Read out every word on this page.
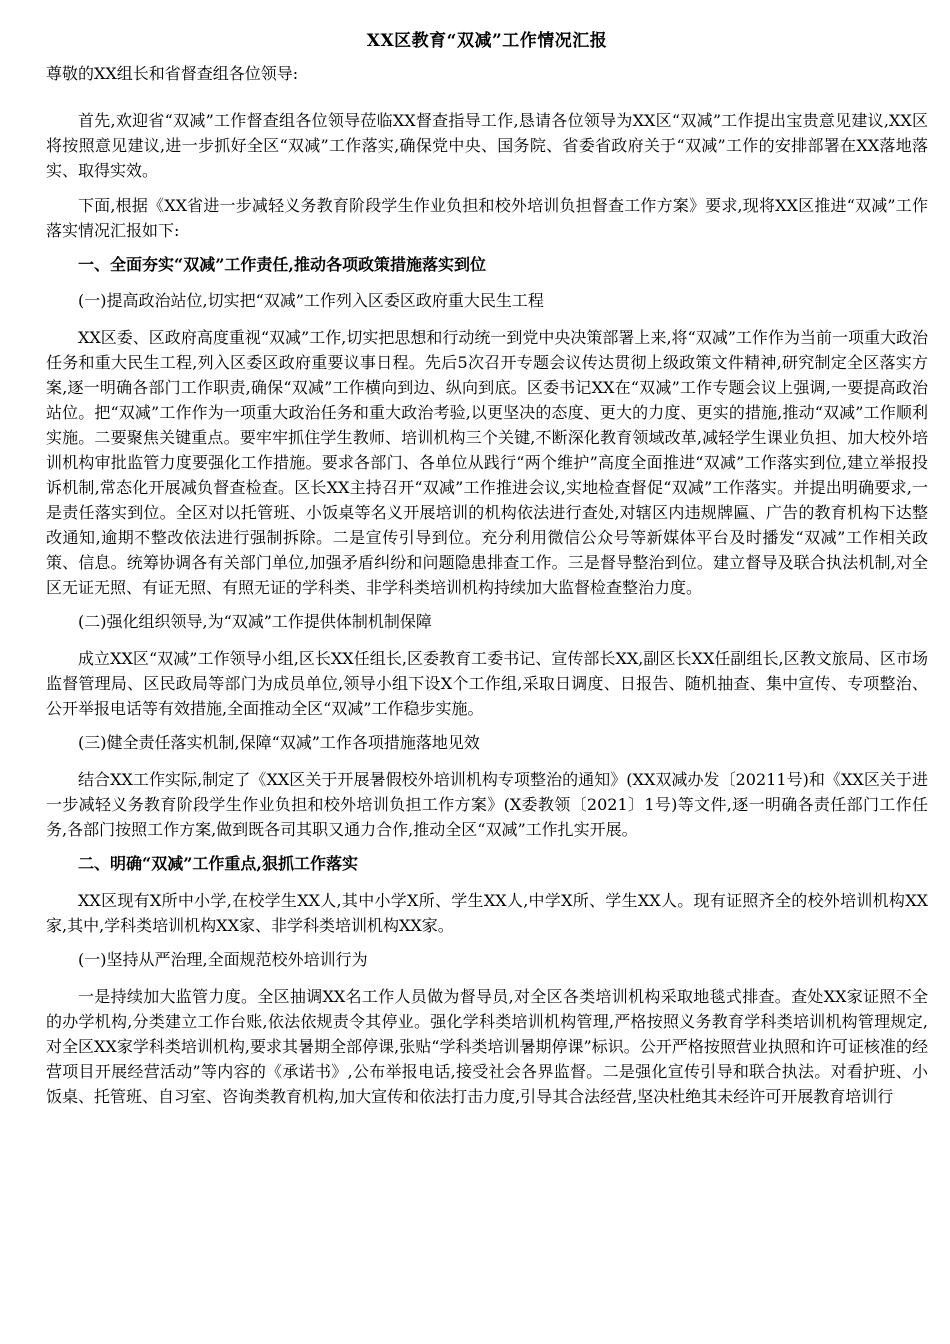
XX区教育“双减”工作情况汇报
尊敬的XX组长和省督查组各位领导:

首先,欢迎省“双减”工作督查组各位领导莅临XX督查指导工作,恳请各位领导为XX区“双减”工作提出宝贵意见建议,XX区将按照意见建议,进一步抓好全区“双减”工作落实,确保党中央、国务院、省委省政府关于“双减”工作的安排部署在XX落地落实、取得实效。

下面,根据《XX省进一步减轻义务教育阶段学生作业负担和校外培训负担督查工作方案》要求,现将XX区推进“双减”工作落实情况汇报如下:

一、全面夯实“双减”工作责任,推动各项政策措施落实到位
(一)提高政治站位,切实把“双减”工作列入区委区政府重大民生工程

XX区委、区政府高度重视“双减”工作,切实把思想和行动统一到党中央决策部署上来,将“双减”工作作为当前一项重大政治任务和重大民生工程,列入区委区政府重要议事日程。先后5次召开专题会议传达贯彻上级政策文件精神,研究制定全区落实方案,逐一明确各部门工作职责,确保“双减”工作横向到边、纵向到底。区委书记XX在“双减”工作专题会议上强调,一要提高政治站位。把“双减”工作作为一项重大政治任务和重大政治考验,以更坚决的态度、更大的力度、更实的措施,推动“双减”工作顺利实施。二要聚焦关键重点。要牢牢抓住学生教师、培训机构三个关键,不断深化教育领域改革,减轻学生课业负担、加大校外培训机构审批监管力度要强化工作措施。要求各部门、各单位从践行“两个维护”高度全面推进“双减”工作落实到位,建立举报投诉机制,常态化开展减负督查检查。区长XX主持召开“双减”工作推进会议,实地检查督促“双减”工作落实。并提出明确要求,一是责任落实到位。全区对以托管班、小饭桌等名义开展培训的机构依法进行查处,对辖区内违规牌匾、广告的教育机构下达整改通知,逾期不整改依法进行强制拆除。二是宣传引导到位。充分利用微信公众号等新媒体平台及时播发“双减”工作相关政策、信息。统筹协调各有关部门单位,加强矛盾纠纷和问题隐患排查工作。三是督导整治到位。建立督导及联合执法机制,对全区无证无照、有证无照、有照无证的学科类、非学科类培训机构持续加大监督检查整治力度。

(二)强化组织领导,为“双减”工作提供体制机制保障

成立XX区“双减”工作领导小组,区长XX任组长,区委教育工委书记、宣传部长XX,副区长XX任副组长,区教文旅局、区市场监督管理局、区民政局等部门为成员单位,领导小组下设X个工作组,采取日调度、日报告、随机抽查、集中宣传、专项整治、公开举报电话等有效措施,全面推动全区“双减”工作稳步实施。

(三)健全责任落实机制,保障“双减”工作各项措施落地见效

结合XX工作实际,制定了《XX区关于开展暑假校外培训机构专项整治的通知》(XX双减办发〔20211号)和《XX区关于进一步减轻义务教育阶段学生作业负担和校外培训负担工作方案》(X委教领〔2021〕1号)等文件,逐一明确各责任部门工作任务,各部门按照工作方案,做到既各司其职又通力合作,推动全区“双减”工作扎实开展。

二、明确“双减”工作重点,狠抓工作落实

XX区现有X所中小学,在校学生XX人,其中小学X所、学生XX人,中学X所、学生XX人。现有证照齐全的校外培训机构XX家,其中,学科类培训机构XX家、非学科类培训机构XX家。

(一)坚持从严治理,全面规范校外培训行为

一是持续加大监管力度。全区抽调XX名工作人员做为督导员,对全区各类培训机构采取地毯式排查。查处XX家证照不全的办学机构,分类建立工作台账,依法依规责令其停业。强化学科类培训机构管理,严格按照义务教育学科类培训机构管理规定,对全区XX家学科类培训机构,要求其暑期全部停课,张贴“学科类培训暑期停课”标识。公开严格按照营业执照和许可证核准的经营项目开展经营活动”等内容的《承诺书》,公布举报电话,接受社会各界监督。二是强化宣传引导和联合执法。对看护班、小饭桌、托管班、自习室、咨询类教育机构,加大宣传和依法打击力度,引导其合法经营,坚决杜绝其未经许可开展教育培训行
